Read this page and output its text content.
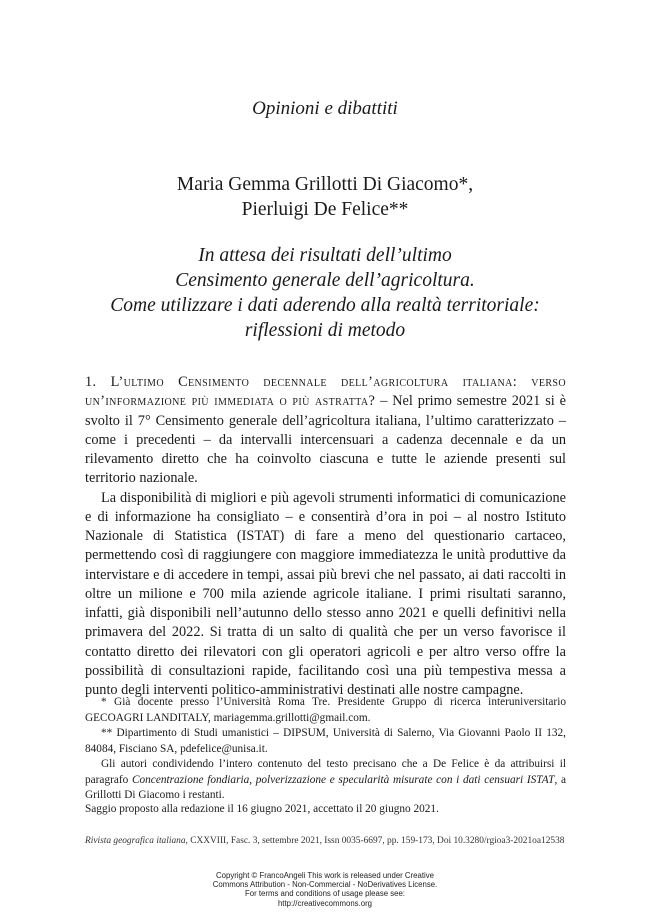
Opinioni e dibattiti
Maria Gemma Grillotti Di Giacomo*,
Pierluigi De Felice**
In attesa dei risultati dell’ultimo
Censimento generale dell’agricoltura.
Come utilizzare i dati aderendo alla realtà territoriale:
riflessioni di metodo

1. L’ultimo Censimento decennale dell’agricoltura italiana: verso un’informazione più immediata o più astratta? – Nel primo semestre 2021 si è svolto il 7° Censimento generale dell’agricoltura italiana, l’ultimo caratterizzato – come i precedenti – da intervalli intercensuari a cadenza decennale e da un rilevamento diretto che ha coinvolto ciascuna e tutte le aziende presenti sul territorio nazionale.

La disponibilità di migliori e più agevoli strumenti informatici di comunicazione e di informazione ha consigliato – e consentirà d’ora in poi – al nostro Istituto Nazionale di Statistica (ISTAT) di fare a meno del questionario cartaceo, permettendo così di raggiungere con maggiore immediatezza le unità produttive da intervistare e di accedere in tempi, assai più brevi che nel passato, ai dati raccolti in oltre un milione e 700 mila aziende agricole italiane. I primi risultati saranno, infatti, già disponibili nell’autunno dello stesso anno 2021 e quelli definitivi nella primavera del 2022. Si tratta di un salto di qualità che per un verso favorisce il contatto diretto dei rilevatori con gli operatori agricoli e per altro verso offre la possibilità di consultazioni rapide, facilitando così una più tempestiva messa a punto degli interventi politico-amministrativi destinati alle nostre campagne.

* Già docente presso l’Università Roma Tre. Presidente Gruppo di ricerca interuniversitario GECOAGRI LANDITALY, mariagemma.grillotti@gmail.com.

** Dipartimento di Studi umanistici – DIPSUM, Università di Salerno, Via Giovanni Paolo II 132, 84084, Fisciano SA, pdefelice@unisa.it.

Gli autori condividendo l’intero contenuto del testo precisano che a De Felice è da attribuirsi il paragrafo Concentrazione fondiaria, polverizzazione e specularità misurate con i dati censuari ISTAT, a Grillotti Di Giacomo i restanti.

Saggio proposto alla redazione il 16 giugno 2021, accettato il 20 giugno 2021.
Rivista geografica italiana, CXXVIII, Fasc. 3, settembre 2021, Issn 0035-6697, pp. 159-173, Doi 10.3280/rgioa3-2021oa12538
Copyright © FrancoAngeli This work is released under Creative
Commons Attribution - Non-Commercial - NoDerivatives License.
For terms and conditions of usage please see:
http://creativecommons.org
